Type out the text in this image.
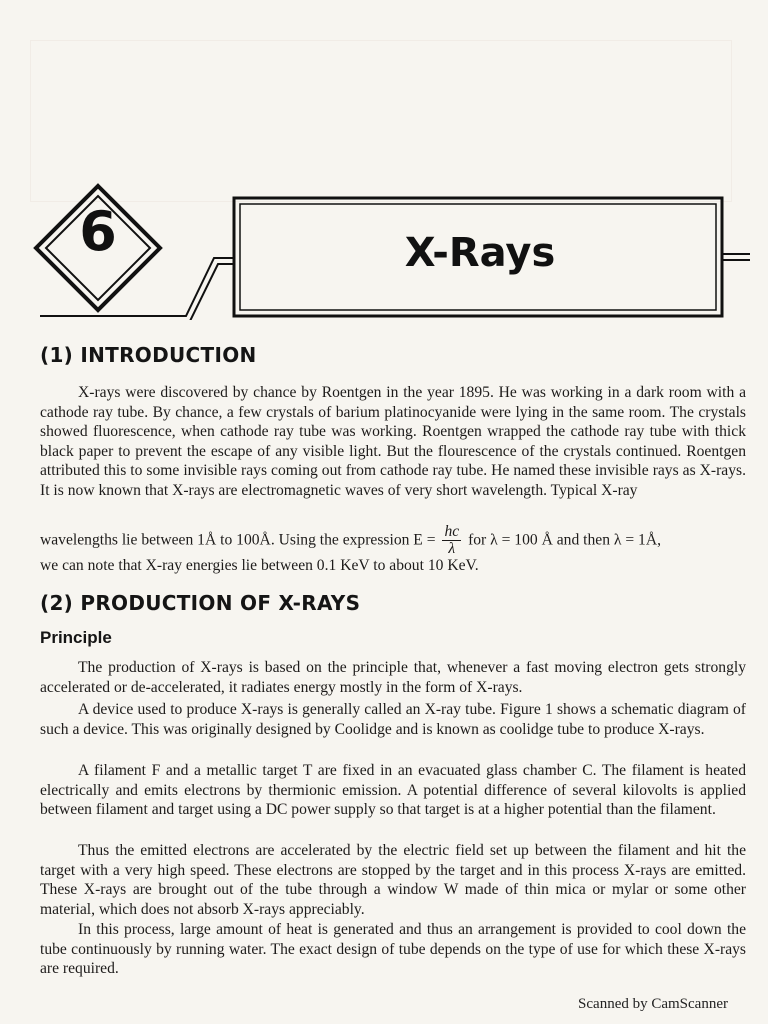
6	X-Rays
(1) INTRODUCTION

X-rays were discovered by chance by Roentgen in the year 1895. He was working in a dark room with a cathode ray tube. By chance, a few crystals of barium platinocyanide were lying in the same room. The crystals showed fluorescence, when cathode ray tube was working. Roentgen wrapped the cathode ray tube with thick black paper to prevent the escape of any visible light. But the flourescence of the crystals continued. Roentgen attributed this to some invisible rays coming out from cathode ray tube. He named these invisible rays as X-rays. It is now known that X-rays are electromagnetic waves of very short wavelength. Typical X-ray

wavelengths lie between 1Å to 100Å. Using the expression $E = \frac{hc}{\lambda}$ for λ = 100 Å and then λ = 1Å,
we can note that X-ray energies lie between 0.1 KeV to about 10 KeV.
(2) PRODUCTION OF X-RAYS
Principle

The production of X-rays is based on the principle that, whenever a fast moving electron gets strongly accelerated or de-accelerated, it radiates energy mostly in the form of X-rays.

A device used to produce X-rays is generally called an X-ray tube. Figure 1 shows a schematic diagram of such a device. This was originally designed by Coolidge and is known as coolidge tube to produce X-rays.

A filament F and a metallic target T are fixed in an evacuated glass chamber C. The filament is heated electrically and emits electrons by thermionic emission. A potential difference of several kilovolts is applied between filament and target using a DC power supply so that target is at a higher potential than the filament.

Thus the emitted electrons are accelerated by the electric field set up between the filament and hit the target with a very high speed. These electrons are stopped by the target and in this process X-rays are emitted. These X-rays are brought out of the tube through a window W made of thin mica or mylar or some other material, which does not absorb X-rays appreciably.

In this process, large amount of heat is generated and thus an arrangement is provided to cool down the tube continuously by running water. The exact design of tube depends on the type of use for which these X-rays are required.

Scanned by CamScanner
